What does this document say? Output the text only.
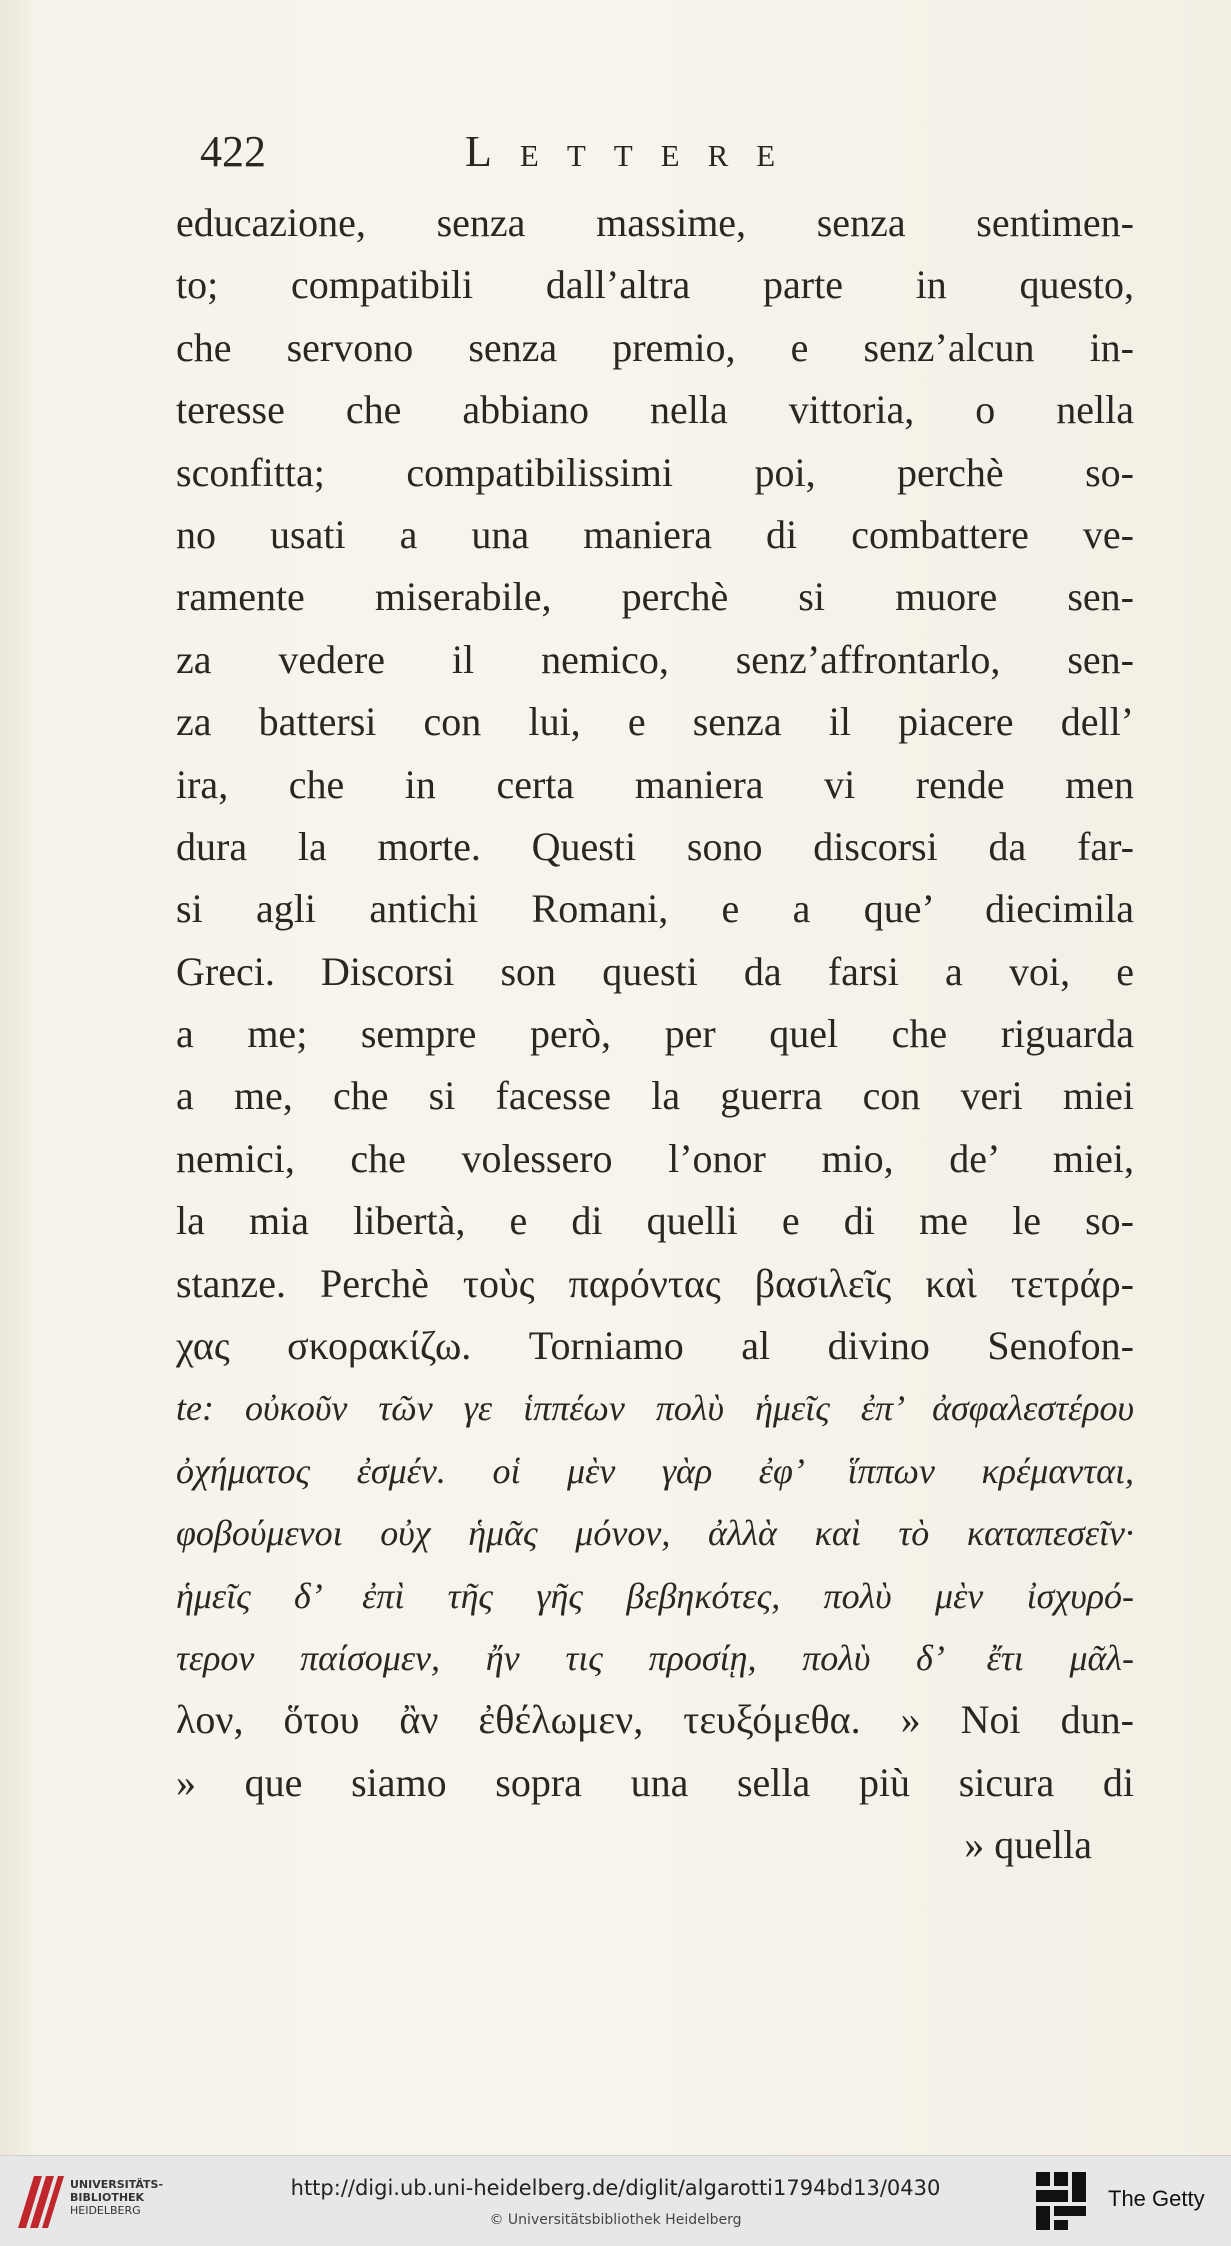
422	Lettere
educazione, senza massime, senza sentimen-
to; compatibili dall’altra parte in questo,
che servono senza premio, e senz’alcun in-
teresse che abbiano nella vittoria, o nella
sconfitta; compatibilissimi poi, perchè so-
no usati a una maniera di combattere ve-
ramente miserabile, perchè si muore sen-
za vedere il nemico, senz’affrontarlo, sen-
za battersi con lui, e senza il piacere dell’
ira, che in certa maniera vi rende men
dura la morte. Questi sono discorsi da far-
si agli antichi Romani, e a que’ diecimila
Greci. Discorsi son questi da farsi a voi, e
a me; sempre però, per quel che riguarda
a me, che si facesse la guerra con veri miei
nemici, che volessero l’onor mio, de’ miei,
la mia libertà, e di quelli e di me le so-
stanze. Perchè τοὺς παρόντας βασιλεῖς καὶ τετράρ-
χας σκορακίζω. Torniamo al divino Senofon-
te: οὐκοῦν τῶν γε ἱππέων πολὺ ἡμεῖς ἐπ’ ἀσφαλεστέρου
ὀχήματος ἐσμέν. οἱ μὲν γὰρ ἐφ’ ἵππων κρέμανται,
φοβούμενοι οὐχ ἡμᾶς μόνον, ἀλλὰ καὶ τὸ καταπεσεῖν·
ἡμεῖς δ’ ἐπὶ τῆς γῆς βεβηκότες, πολὺ μὲν ἰσχυρό-
τερον παίσομεν, ἤν τις προσίῃ, πολὺ δ’ ἔτι μᾶλ-
λον, ὅτου ἂν ἐθέλωμεν, τευξόμεθα. » Noi dun-
» que siamo sopra una sella più sicura di
» quella
UNIVERSITÄTS-
BIBLIOTHEK

HEIDELBERG
http://digi.ub.uni-heidelberg.de/diglit/algarotti1794bd13/0430
© Universitätsbibliothek Heidelberg
The Getty
